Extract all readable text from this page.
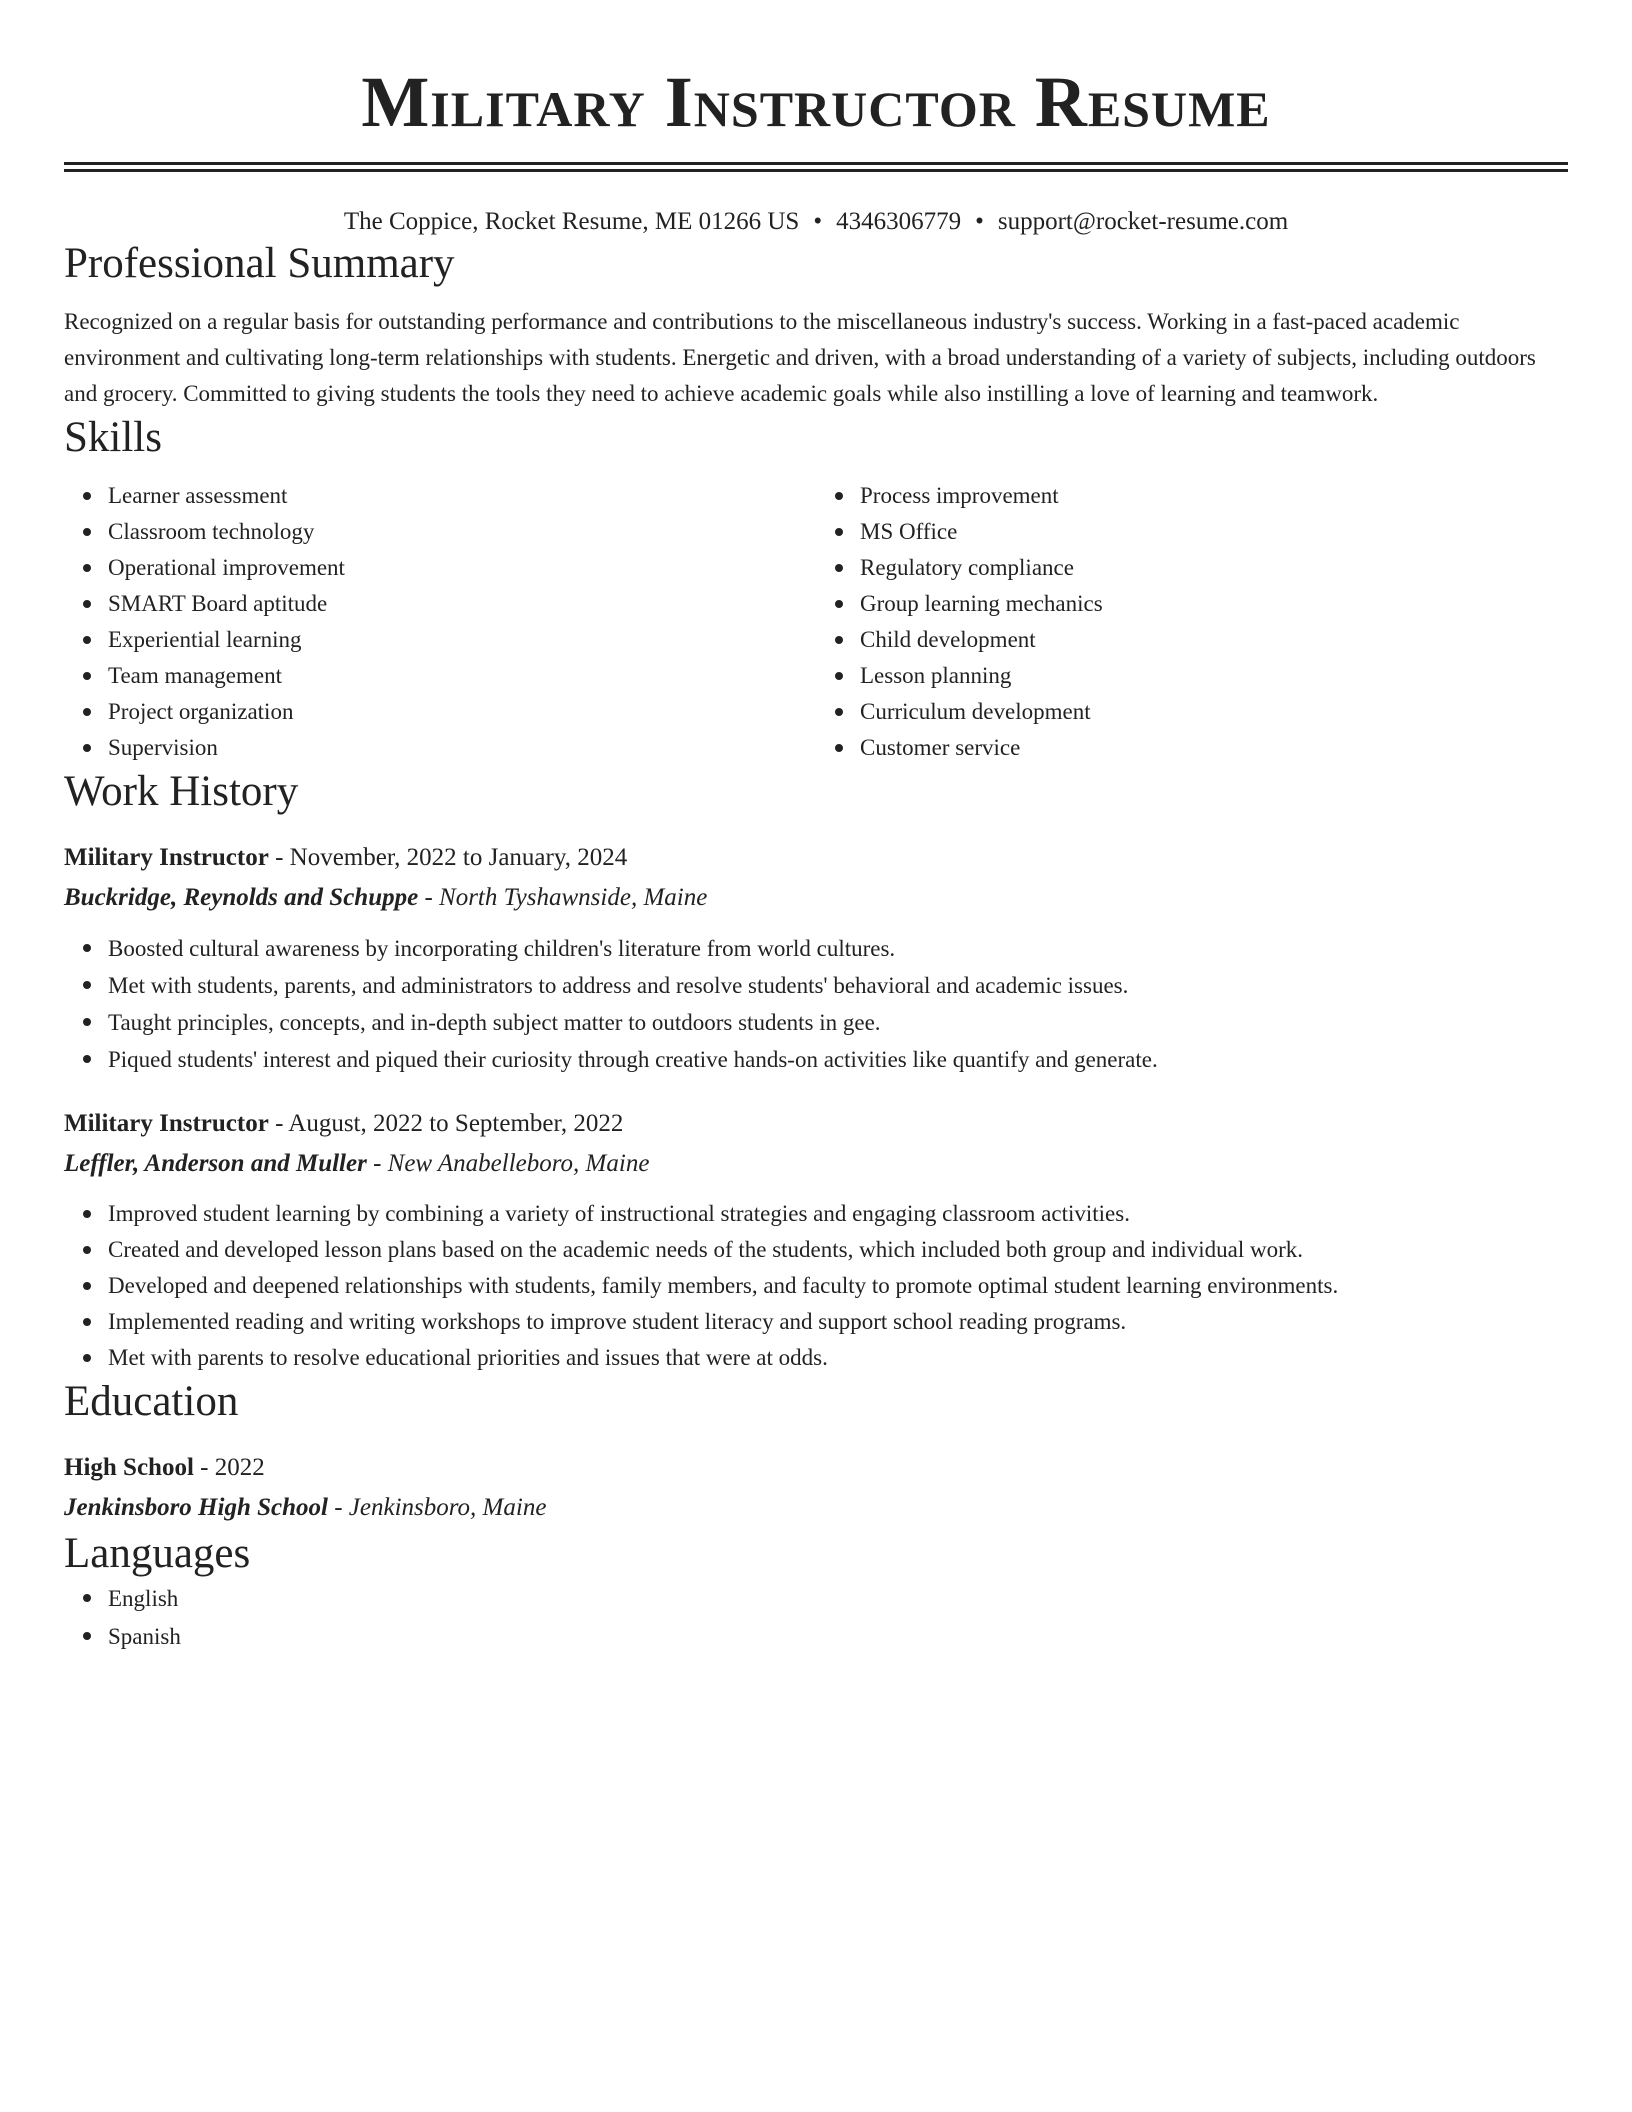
Military Instructor Resume
The Coppice, Rocket Resume, ME 01266 US • 4346306779 • support@rocket-resume.com
Professional Summary

Recognized on a regular basis for outstanding performance and contributions to the miscellaneous industry's success. Working in a fast-paced academic environment and cultivating long-term relationships with students. Energetic and driven, with a broad understanding of a variety of subjects, including outdoors and grocery. Committed to giving students the tools they need to achieve academic goals while also instilling a love of learning and teamwork.

Skills
Learner assessment
Classroom technology
Operational improvement
SMART Board aptitude
Experiential learning
Team management
Project organization
Supervision
Process improvement
MS Office
Regulatory compliance
Group learning mechanics
Child development
Lesson planning
Curriculum development
Customer service
Work History
Military Instructor - November, 2022 to January, 2024
Buckridge, Reynolds and Schuppe - North Tyshawnside, Maine
Boosted cultural awareness by incorporating children's literature from world cultures.
Met with students, parents, and administrators to address and resolve students' behavioral and academic issues.
Taught principles, concepts, and in-depth subject matter to outdoors students in gee.
Piqued students' interest and piqued their curiosity through creative hands-on activities like quantify and generate.
Military Instructor - August, 2022 to September, 2022
Leffler, Anderson and Muller - New Anabelleboro, Maine
Improved student learning by combining a variety of instructional strategies and engaging classroom activities.
Created and developed lesson plans based on the academic needs of the students, which included both group and individual work.
Developed and deepened relationships with students, family members, and faculty to promote optimal student learning environments.
Implemented reading and writing workshops to improve student literacy and support school reading programs.
Met with parents to resolve educational priorities and issues that were at odds.
Education
High School - 2022
Jenkinsboro High School - Jenkinsboro, Maine
Languages
English
Spanish
